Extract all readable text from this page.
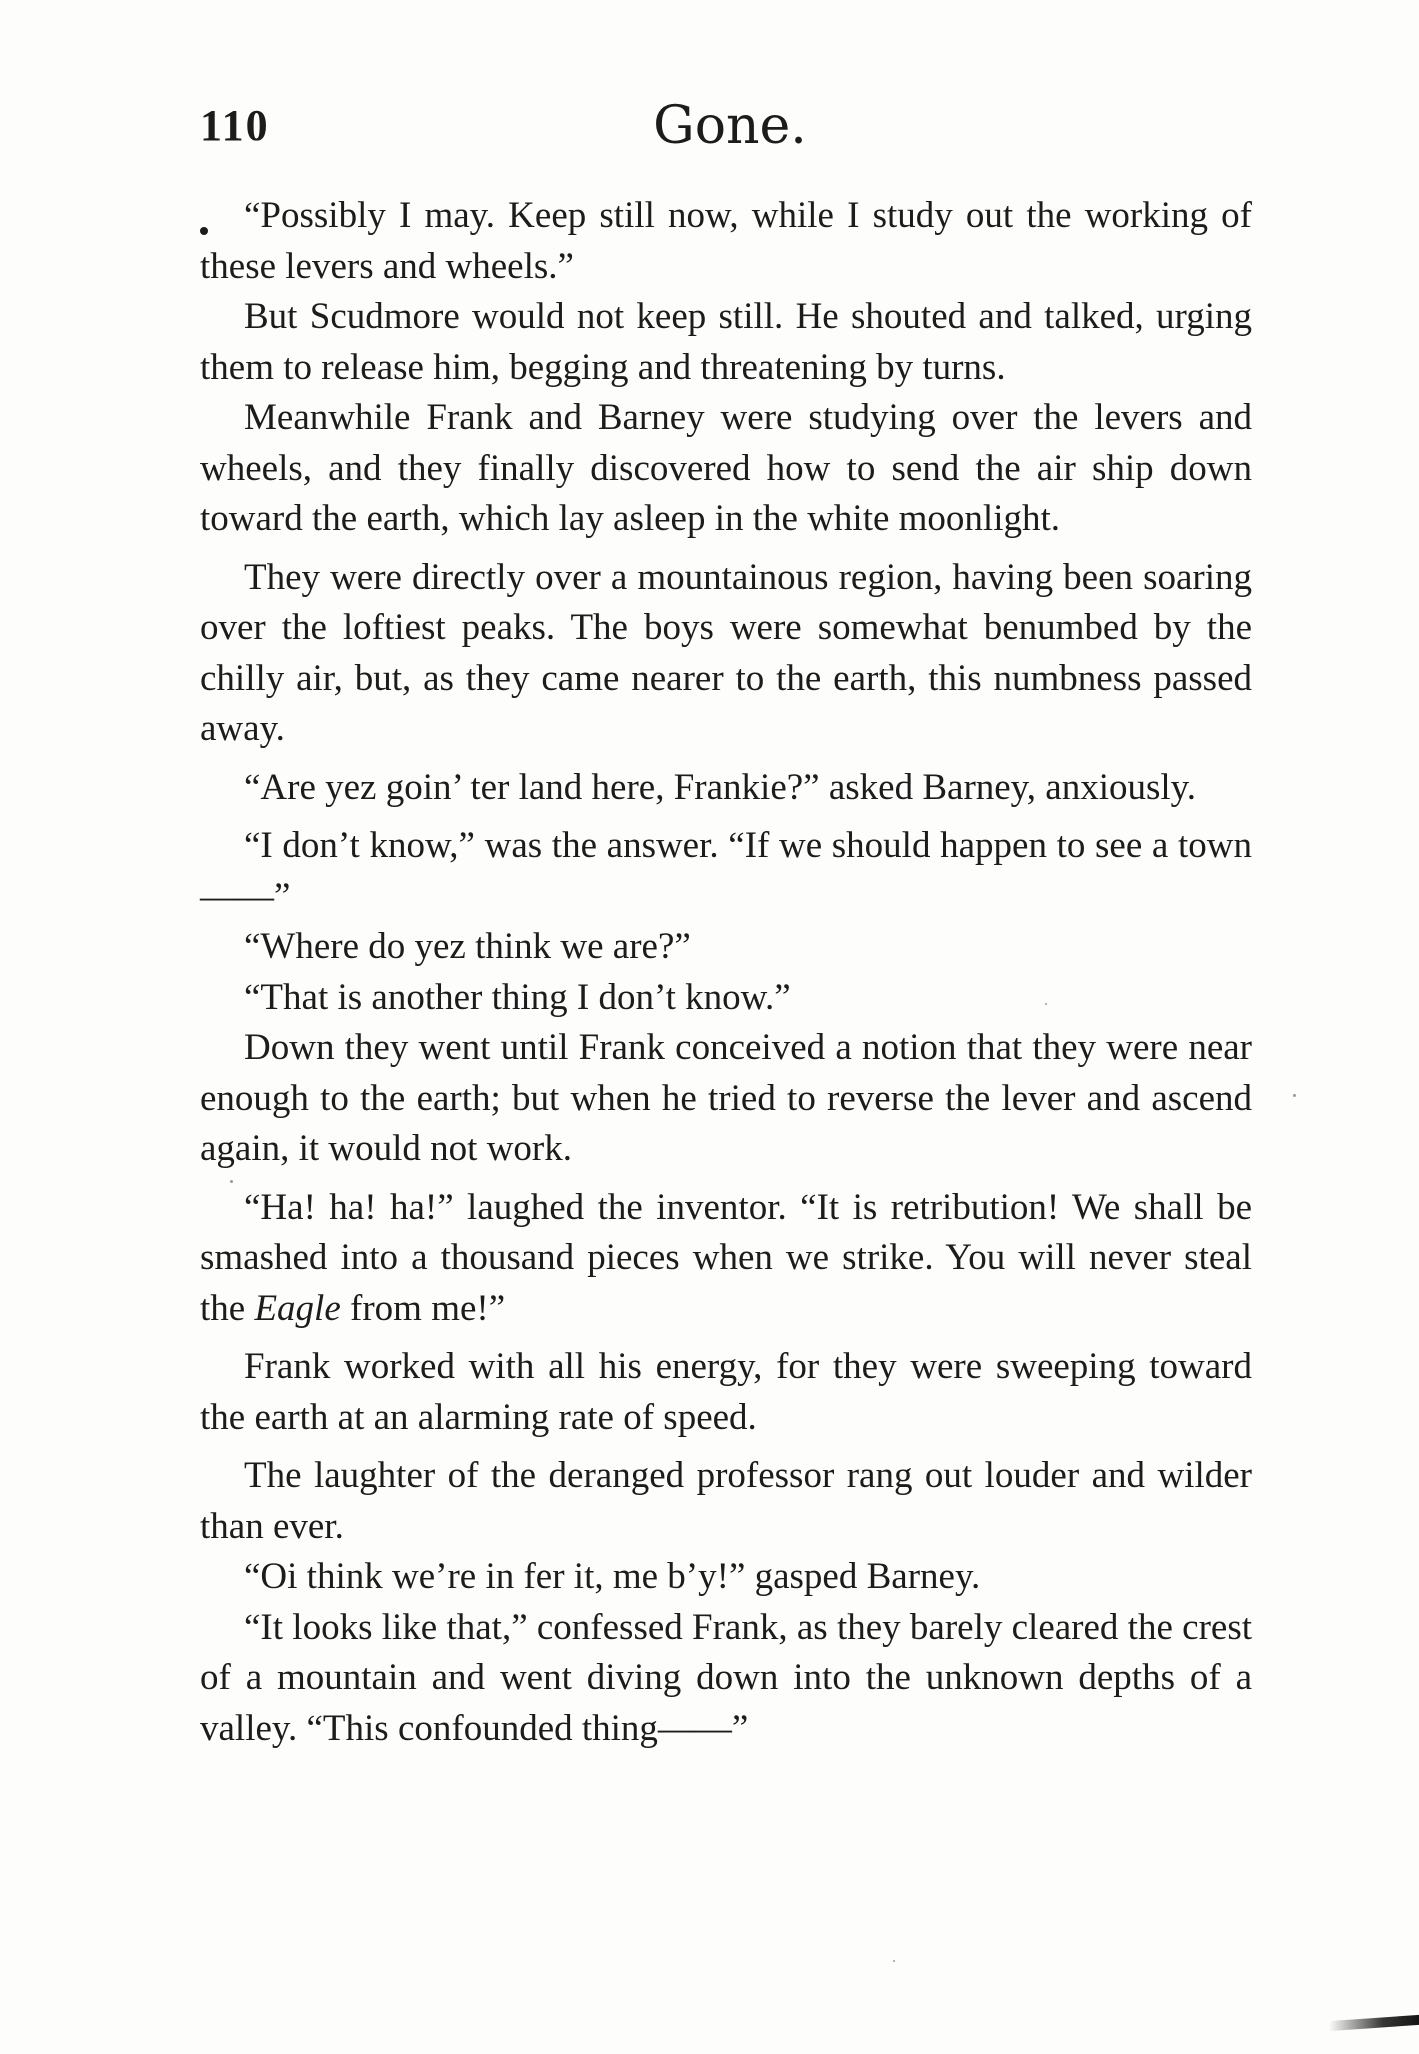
110	Gone.

“Possibly I may. Keep still now, while I study out the working of these levers and wheels.”

But Scudmore would not keep still. He shouted and talked, urging them to release him, begging and threatening by turns.

Meanwhile Frank and Barney were studying over the levers and wheels, and they finally discovered how to send the air ship down toward the earth, which lay asleep in the white moonlight.

They were directly over a mountainous region, having been soaring over the loftiest peaks. The boys were somewhat benumbed by the chilly air, but, as they came nearer to the earth, this numbness passed away.

“Are yez goin’ ter land here, Frankie?” asked Barney, anxiously.

“I don’t know,” was the answer. “If we should happen to see a town——”

“Where do yez think we are?”

“That is another thing I don’t know.”

Down they went until Frank conceived a notion that they were near enough to the earth; but when he tried to reverse the lever and ascend again, it would not work.

“Ha! ha! ha!” laughed the inventor. “It is retribution! We shall be smashed into a thousand pieces when we strike. You will never steal the Eagle from me!”

Frank worked with all his energy, for they were sweeping toward the earth at an alarming rate of speed.

The laughter of the deranged professor rang out louder and wilder than ever.

“Oi think we’re in fer it, me b’y!” gasped Barney.

“It looks like that,” confessed Frank, as they barely cleared the crest of a mountain and went diving down into the unknown depths of a valley. “This confounded thing——”
